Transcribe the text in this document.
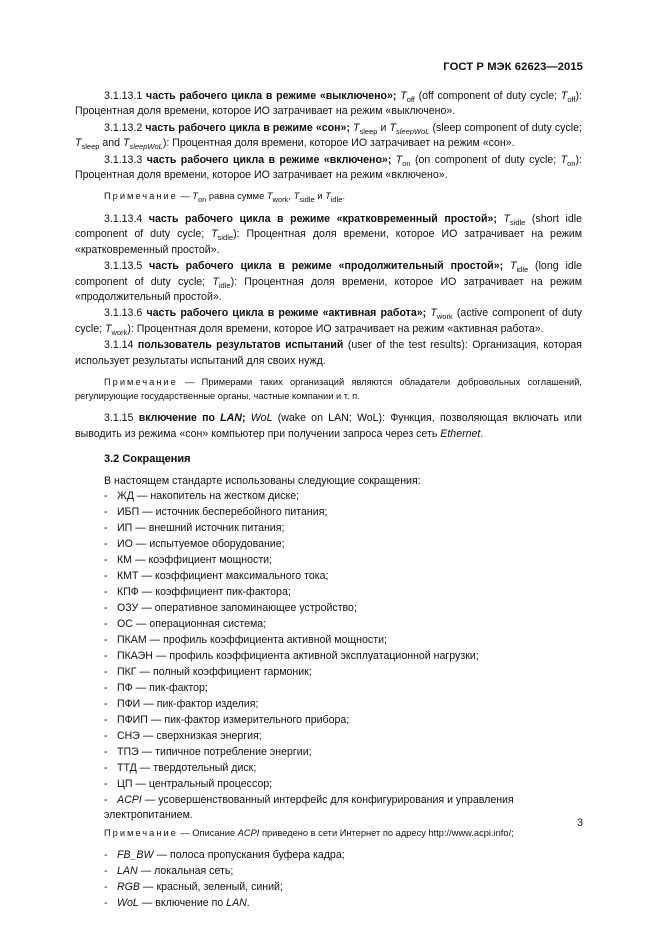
ГОСТ Р МЭК 62623—2015

3.1.13.1 часть рабочего цикла в режиме «выключено»; $T_{off}$ (off component of duty cycle; $T_{off}$): Процентная доля времени, которое ИО затрачивает на режим «выключено».

3.1.13.2 часть рабочего цикла в режиме «сон»; $T_{sleep}$ и $T_{sleepWoL}$ (sleep component of duty cycle; $T_{sleep}$ and $T_{sleepWoL}$): Процентная доля времени, которое ИО затрачивает на режим «сон».

3.1.13.3 часть рабочего цикла в режиме «включено»; $T_{on}$ (on component of duty cycle; $T_{on}$): Процентная доля времени, которое ИО затрачивает на режим «включено».

Примечание — $T_{on}$ равна сумме $T_{work}$, $T_{sidle}$ и $T_{idle}$.

3.1.13.4 часть рабочего цикла в режиме «кратковременный простой»; $T_{sidle}$ (short idle component of duty cycle; $T_{sidle}$): Процентная доля времени, которое ИО затрачивает на режим «кратковременный простой».

3.1.13.5 часть рабочего цикла в режиме «продолжительный простой»; $T_{idle}$ (long idle component of duty cycle; $T_{idle}$): Процентная доля времени, которое ИО затрачивает на режим «продолжительный простой».

3.1.13.6 часть рабочего цикла в режиме «активная работа»; $T_{work}$ (active component of duty cycle; $T_{work}$): Процентная доля времени, которое ИО затрачивает на режим «активная работа».

3.1.14 пользователь результатов испытаний (user of the test results): Организация, которая использует результаты испытаний для своих нужд.

Примечание — Примерами таких организаций являются обладатели добровольных соглашений, регулирующие государственные органы, частные компании и т. п.

3.1.15 включение по LAN; WoL (wake on LAN; WoL): Функция, позволяющая включать или выводить из режима «сон» компьютер при получении запроса через сеть Ethernet.

3.2 Сокращения

В настоящем стандарте использованы следующие сокращения:

- ЖД — накопитель на жестком диске;
- ИБП — источник бесперебойного питания;
- ИП — внешний источник питания;
- ИО — испытуемое оборудование;
- КМ — коэффициент мощности;
- КМТ — коэффициент максимального тока;
- КПФ — коэффициент пик-фактора;
- ОЗУ — оперативное запоминающее устройство;
- ОС — операционная система;
- ПКАМ — профиль коэффициента активной мощности;
- ПКАЭН — профиль коэффициента активной эксплуатационной нагрузки;
- ПКГ — полный коэффициент гармоник;
- ПФ — пик-фактор;
- ПФИ — пик-фактор изделия;
- ПФИП — пик-фактор измерительного прибора;
- СНЭ — сверхнизкая энергия;
- ТПЭ — типичное потребление энергии;
- ТТД — твердотельный диск;
- ЦП — центральный процессор;
- ACPI — усовершенствованный интерфейс для конфигурирования и управления электропитанием.

Примечание — Описание ACPI приведено в сети Интернет по адресу http://www.acpi.info/;

- FB_BW — полоса пропускания буфера кадра;
- LAN — локальная сеть;
- RGB — красный, зеленый, синий;
- WoL — включение по LAN.
3
